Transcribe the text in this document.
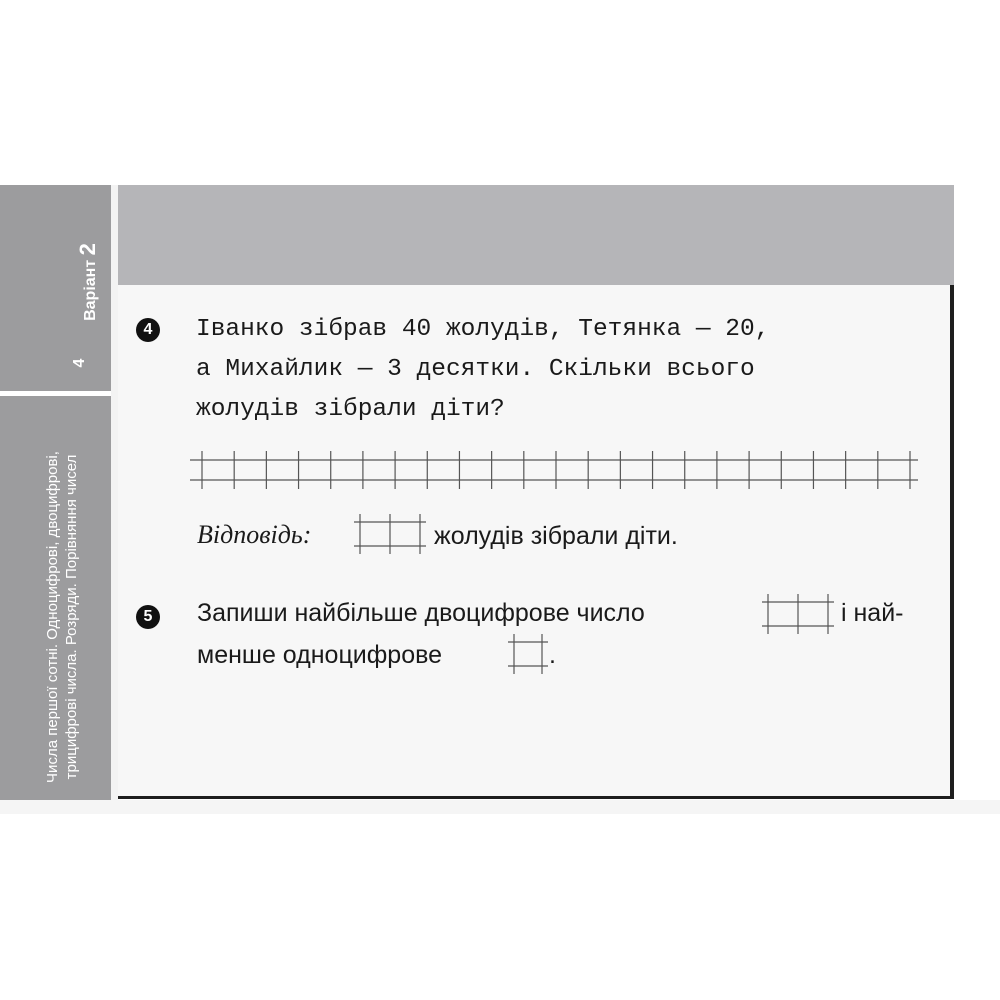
Варіант 2
4
Числа першої сотні. Одноцифрові, двоцифрові, трицифрові числа. Розряди. Порівняння чисел
4	Іванко зібрав 40 жолудів, Тетянка — 20,
а Михайлик — 3 десятки. Скільки всього
жолудів зібрали діти?
Відповідь:	жолудів зібрали діти.
5	Запиши найбільше двоцифрове число	і най-
менше одноцифрове	.
